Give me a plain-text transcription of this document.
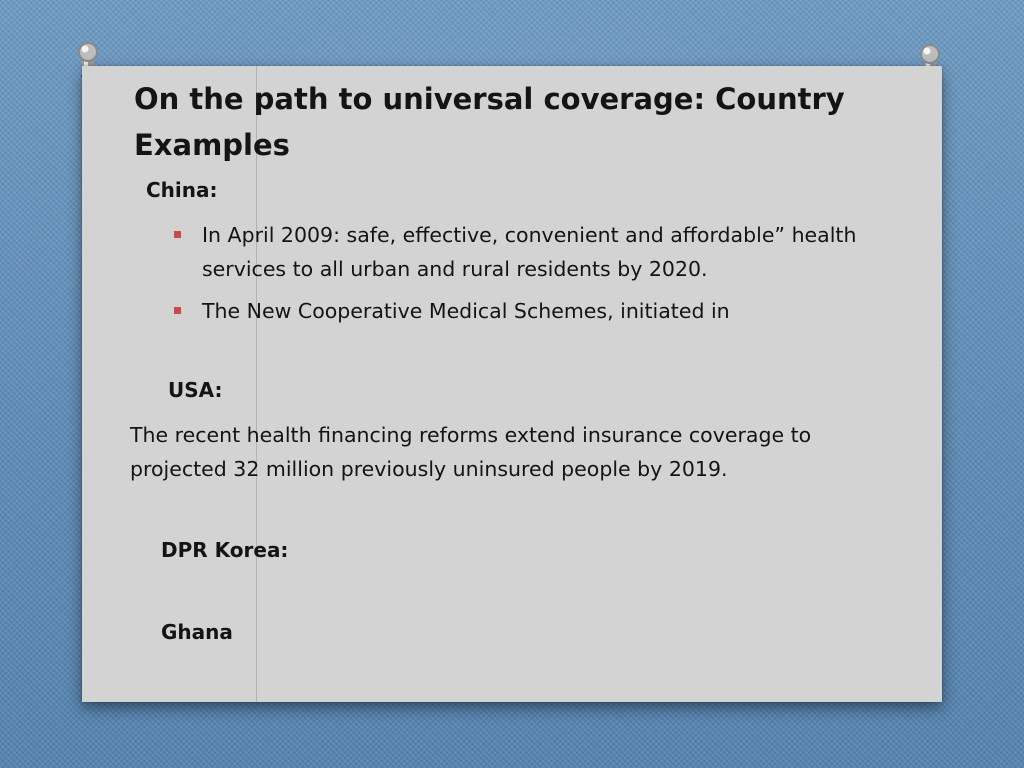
On the path to universal coverage: Country Examples
China:
In April 2009: safe, effective, convenient and affordable” health services to all urban and rural residents by 2020.
The New Cooperative Medical Schemes, initiated in
USA:

The recent health financing reforms extend insurance coverage to projected 32 million previously uninsured people by 2019.

DPR Korea:
Ghana
